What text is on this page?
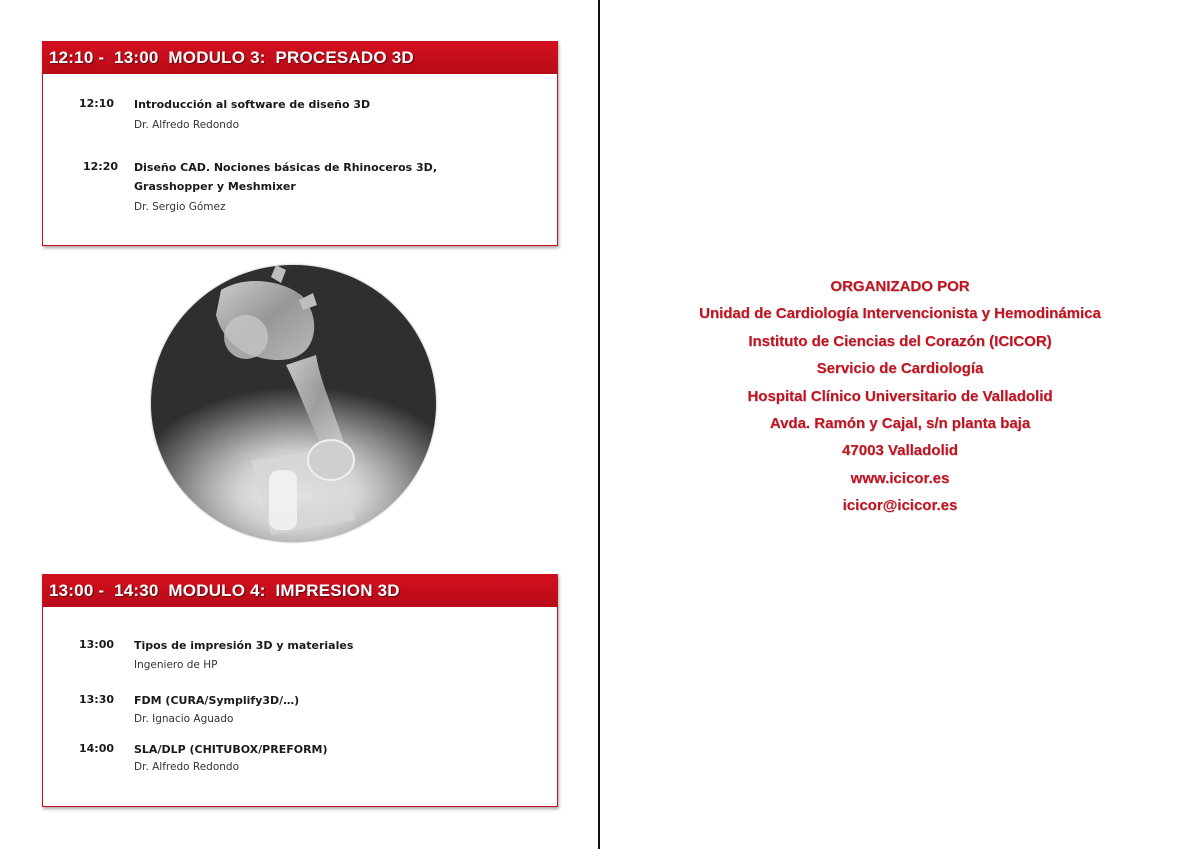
12:10 -  13:00  MODULO 3:  PROCESADO 3D
12:10 Introducción al software de diseño 3D
Dr. Alfredo Redondo
12:20 Diseño CAD. Nociones básicas de Rhinoceros 3D, Grasshopper y Meshmixer
Dr. Sergio Gómez
13:00 -  14:30  MODULO 4:  IMPRESION 3D
13:00 Tipos de impresión 3D y materiales
Ingeniero de HP
13:30 FDM (CURA/Symplify3D/…)
Dr. Ignacio Aguado
14:00 SLA/DLP (CHITUBOX/PREFORM)
Dr. Alfredo Redondo
ORGANIZADO POR
Unidad de Cardiología Intervencionista y Hemodinámica
Instituto de Ciencias del Corazón (ICICOR)
Servicio de Cardiología
Hospital Clínico Universitario de Valladolid
Avda. Ramón y Cajal, s/n planta baja
47003 Valladolid
www.icicor.es
icicor@icicor.es
